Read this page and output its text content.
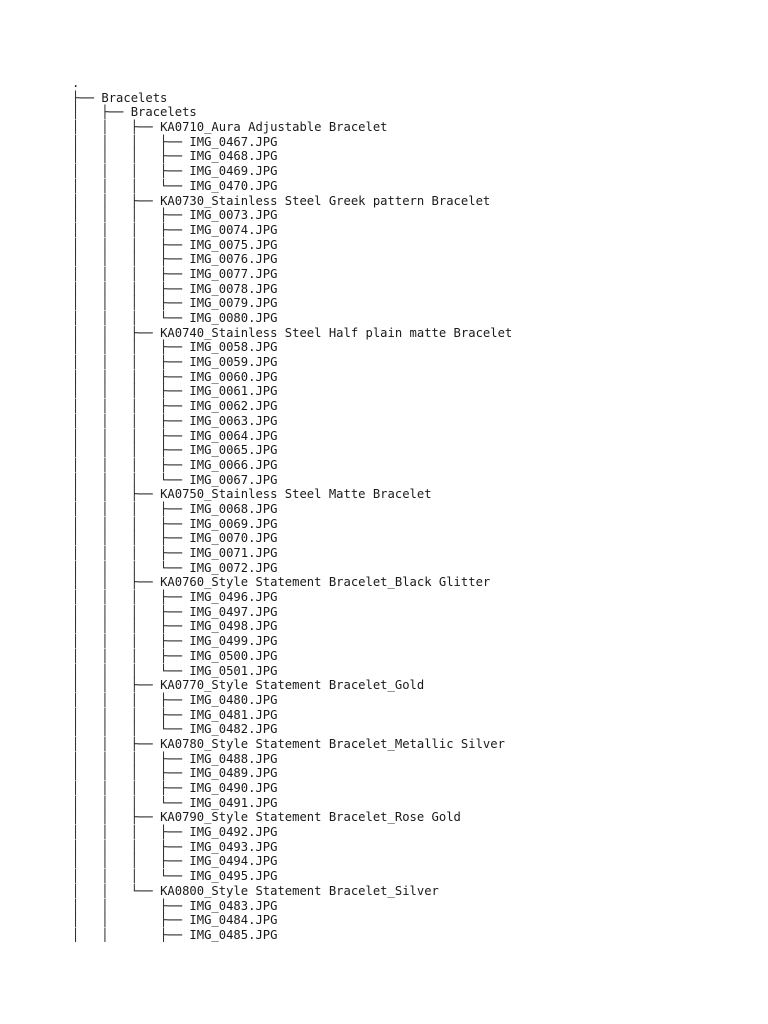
.
├── Bracelets
│   ├── Bracelets
│   │   ├── KA0710_Aura Adjustable Bracelet
│   │   │   ├── IMG_0467.JPG
│   │   │   ├── IMG_0468.JPG
│   │   │   ├── IMG_0469.JPG
│   │   │   └── IMG_0470.JPG
│   │   ├── KA0730_Stainless Steel Greek pattern Bracelet
│   │   │   ├── IMG_0073.JPG
│   │   │   ├── IMG_0074.JPG
│   │   │   ├── IMG_0075.JPG
│   │   │   ├── IMG_0076.JPG
│   │   │   ├── IMG_0077.JPG
│   │   │   ├── IMG_0078.JPG
│   │   │   ├── IMG_0079.JPG
│   │   │   └── IMG_0080.JPG
│   │   ├── KA0740_Stainless Steel Half plain matte Bracelet
│   │   │   ├── IMG_0058.JPG
│   │   │   ├── IMG_0059.JPG
│   │   │   ├── IMG_0060.JPG
│   │   │   ├── IMG_0061.JPG
│   │   │   ├── IMG_0062.JPG
│   │   │   ├── IMG_0063.JPG
│   │   │   ├── IMG_0064.JPG
│   │   │   ├── IMG_0065.JPG
│   │   │   ├── IMG_0066.JPG
│   │   │   └── IMG_0067.JPG
│   │   ├── KA0750_Stainless Steel Matte Bracelet
│   │   │   ├── IMG_0068.JPG
│   │   │   ├── IMG_0069.JPG
│   │   │   ├── IMG_0070.JPG
│   │   │   ├── IMG_0071.JPG
│   │   │   └── IMG_0072.JPG
│   │   ├── KA0760_Style Statement Bracelet_Black Glitter
│   │   │   ├── IMG_0496.JPG
│   │   │   ├── IMG_0497.JPG
│   │   │   ├── IMG_0498.JPG
│   │   │   ├── IMG_0499.JPG
│   │   │   ├── IMG_0500.JPG
│   │   │   └── IMG_0501.JPG
│   │   ├── KA0770_Style Statement Bracelet_Gold
│   │   │   ├── IMG_0480.JPG
│   │   │   ├── IMG_0481.JPG
│   │   │   └── IMG_0482.JPG
│   │   ├── KA0780_Style Statement Bracelet_Metallic Silver
│   │   │   ├── IMG_0488.JPG
│   │   │   ├── IMG_0489.JPG
│   │   │   ├── IMG_0490.JPG
│   │   │   └── IMG_0491.JPG
│   │   ├── KA0790_Style Statement Bracelet_Rose Gold
│   │   │   ├── IMG_0492.JPG
│   │   │   ├── IMG_0493.JPG
│   │   │   ├── IMG_0494.JPG
│   │   │   └── IMG_0495.JPG
│   │   └── KA0800_Style Statement Bracelet_Silver
│   │       ├── IMG_0483.JPG
│   │       ├── IMG_0484.JPG
│   │       ├── IMG_0485.JPG
